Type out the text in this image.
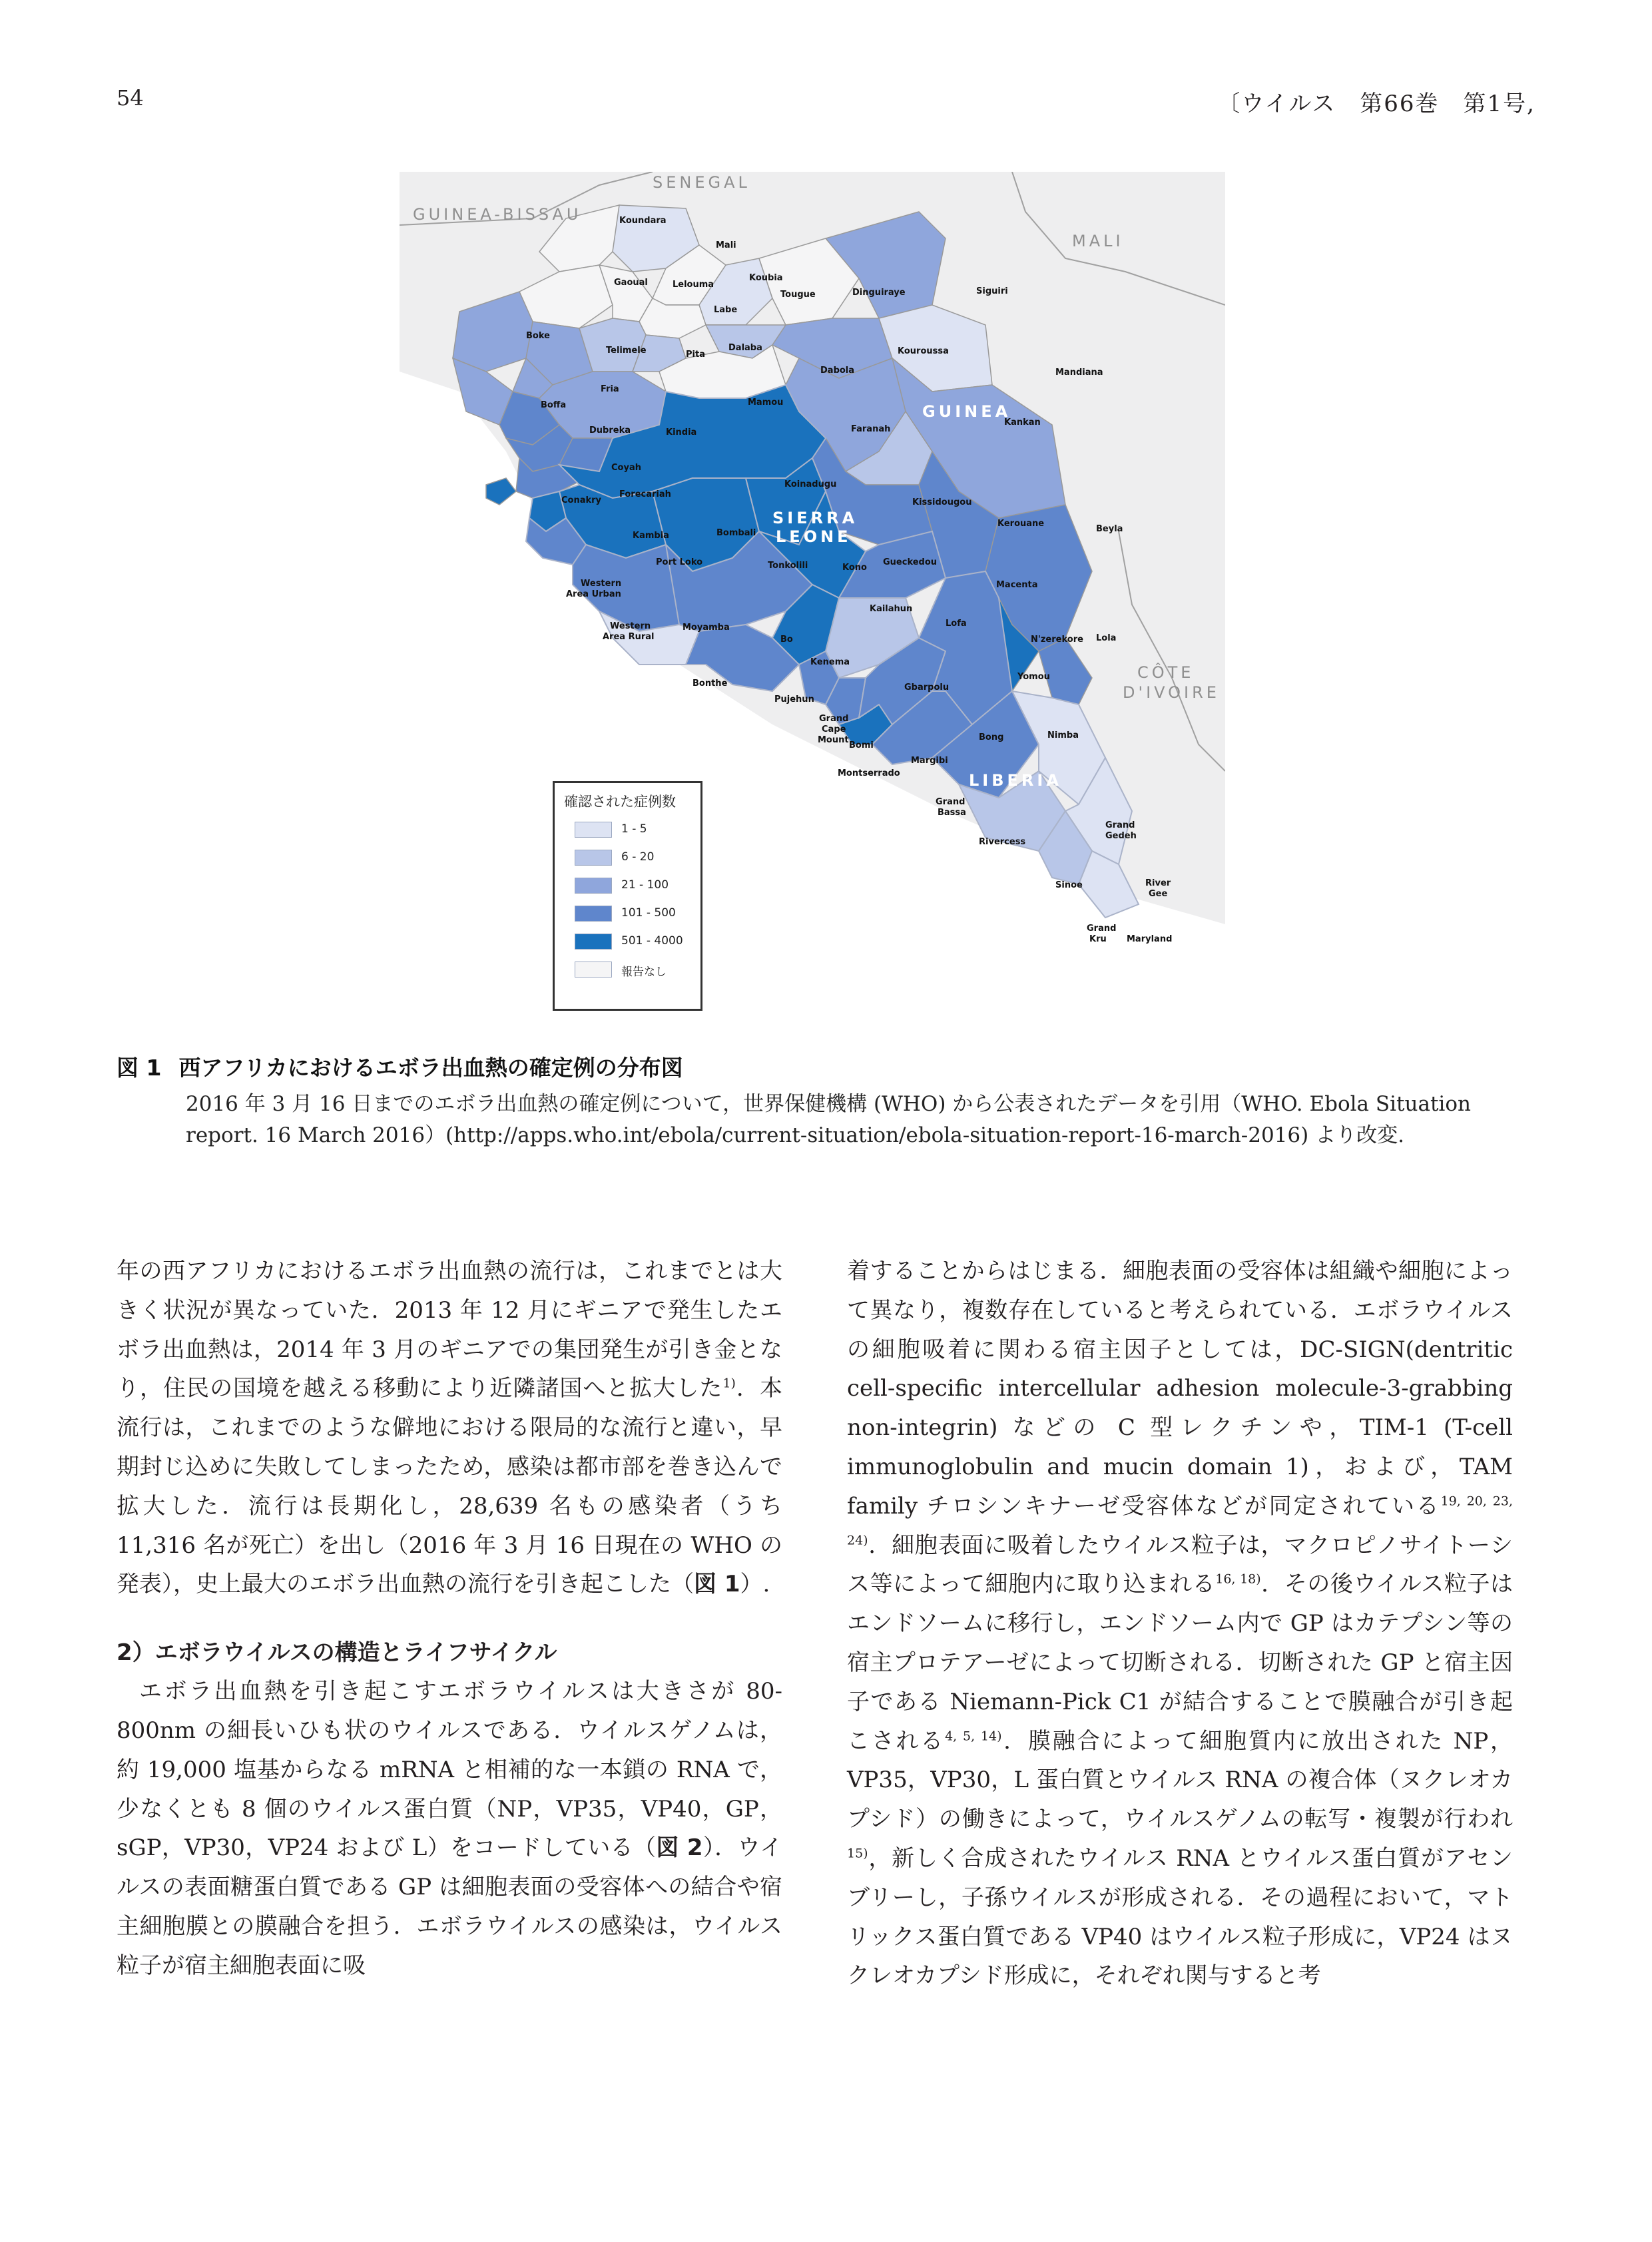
54	〔ウイルス　第66巻　第1号,
SENEGAL
GUINEA-BISSAU
MALI
CÔTE
D'IVOIRE
GUINEA
SIERRA
LEONE
LIBERIA
Koundara
Mali
Gaoual	Lelouma
Koubia
Tougue	Dinguiraye	Siguiri
Labe
Boke
Telimele	Pita
Dalaba	Kouroussa
Dabola	Mandiana
Fria
Boffa	Mamou
Kankan
Dubreka	Kindia	Faranah
Coyah
Koinadugu
Conakry
Forecariah
Kissidougou
Bombali
Kambia
Kerouane
Beyla
Port Loko	Tonkolili	Kono
Gueckedou
Western
Area Urban
Macenta
Kailahun
Western
Area Rural
Moyamba	Lofa
Bo	N'zerekore Lola
Kenema
Yomou
Bonthe	Gbarpolu
Pujehun
Grand
Cape
Mount	Bong	Nimba
Bomi
Margibi
Montserrado
Grand
Bassa
Grand
Gedeh
Rivercess
Sinoe	River
Gee
Grand
Kru Maryland
確認された症例数
1 - 5
6 - 20
21 - 100
101 - 500
501 - 4000
報告なし
図 1 西アフリカにおけるエボラ出血熱の確定例の分布図
2016 年 3 月 16 日までのエボラ出血熱の確定例について，世界保健機構 (WHO) から公表されたデータを引用（WHO. Ebola Situation report. 16 March 2016）(http://apps.who.int/ebola/current-situation/ebola-situation-report-16-march-2016) より改変.

年の西アフリカにおけるエボラ出血熱の流行は，これまでとは大きく状況が異なっていた．2013 年 12 月にギニアで発生したエボラ出血熱は，2014 年 3 月のギニアでの集団発生が引き金となり，住民の国境を越える移動により近隣諸国へと拡大した$^{1)}$．本流行は，これまでのような僻地における限局的な流行と違い，早期封じ込めに失敗してしまったため，感染は都市部を巻き込んで拡大した．流行は長期化し，28,639 名もの感染者（うち 11,316 名が死亡）を出し（2016 年 3 月 16 日現在の WHO の発表），史上最大のエボラ出血熱の流行を引き起こした（図 1）.

2）エボラウイルスの構造とライフサイクル

エボラ出血熱を引き起こすエボラウイルスは大きさが 80-800nm の細長いひも状のウイルスである．ウイルスゲノムは，約 19,000 塩基からなる mRNA と相補的な一本鎖の RNA で，少なくとも 8 個のウイルス蛋白質（NP，VP35，VP40，GP，sGP，VP30，VP24 および L）をコードしている（図 2）．ウイルスの表面糖蛋白質である GP は細胞表面の受容体への結合や宿主細胞膜との膜融合を担う．エボラウイルスの感染は，ウイルス粒子が宿主細胞表面に吸

着することからはじまる．細胞表面の受容体は組織や細胞によって異なり，複数存在していると考えられている．エボラウイルスの細胞吸着に関わる宿主因子としては，DC-SIGN(dentritic cell-specific intercellular adhesion molecule-3-grabbing non-integrin) などの C 型レクチンや，TIM-1 (T-cell immunoglobulin and mucin domain 1)，および，TAM family チロシンキナーゼ受容体などが同定されている$^{19, 20, 23, 24)}$．細胞表面に吸着したウイルス粒子は，マクロピノサイトーシス等によって細胞内に取り込まれる$^{16, 18)}$．その後ウイルス粒子はエンドソームに移行し，エンドソーム内で GP はカテプシン等の宿主プロテアーゼによって切断される．切断された GP と宿主因子である Niemann-Pick C1 が結合することで膜融合が引き起こされる$^{4, 5, 14)}$．膜融合によって細胞質内に放出された NP，VP35，VP30，L 蛋白質とウイルス RNA の複合体（ヌクレオカプシド）の働きによって，ウイルスゲノムの転写・複製が行われ$^{15)}$，新しく合成されたウイルス RNA とウイルス蛋白質がアセンブリーし，子孫ウイルスが形成される．その過程において，マトリックス蛋白質である VP40 はウイルス粒子形成に，VP24 はヌクレオカプシド形成に，それぞれ関与すると考
